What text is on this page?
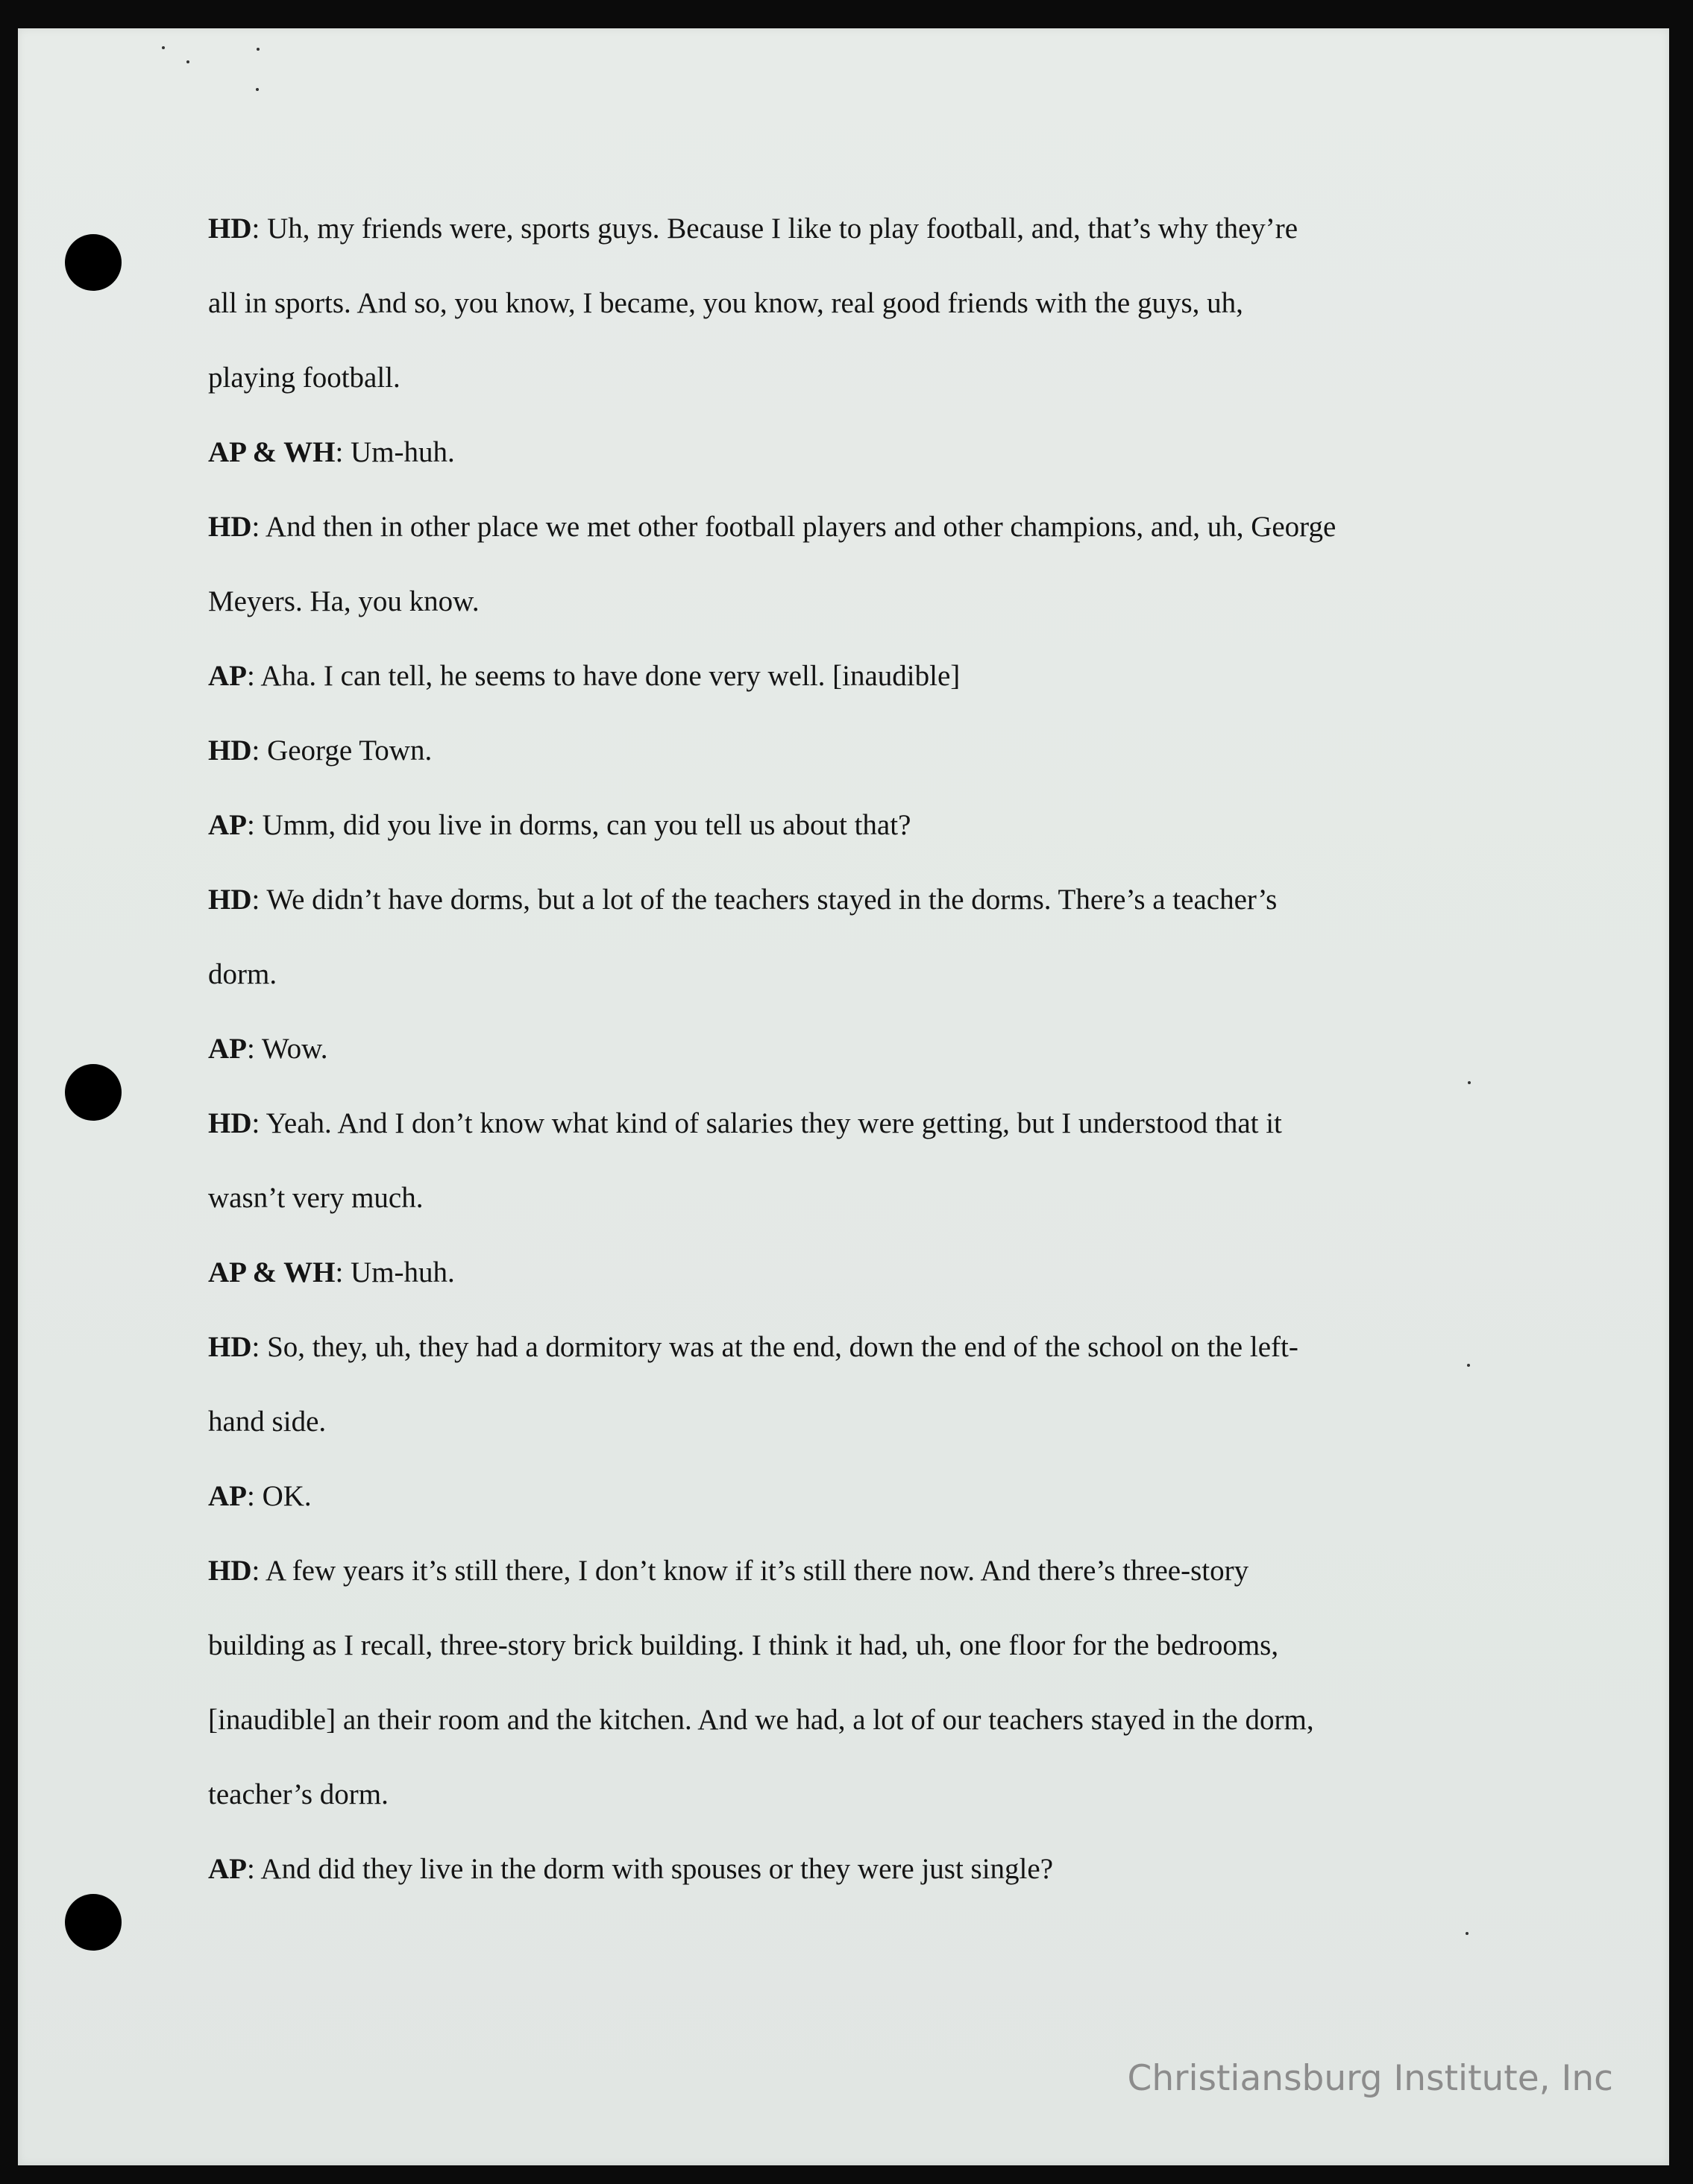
HD: Uh, my friends were, sports guys. Because I like to play football, and, that’s why they’re
all in sports. And so, you know, I became, you know, real good friends with the guys, uh,
playing football.
AP & WH: Um-huh.
HD: And then in other place we met other football players and other champions, and, uh, George
Meyers. Ha, you know.
AP: Aha. I can tell, he seems to have done very well. [inaudible]
HD: George Town.
AP: Umm, did you live in dorms, can you tell us about that?
HD: We didn’t have dorms, but a lot of the teachers stayed in the dorms. There’s a teacher’s
dorm.
AP: Wow.
HD: Yeah. And I don’t know what kind of salaries they were getting, but I understood that it
wasn’t very much.
AP & WH: Um-huh.
HD: So, they, uh, they had a dormitory was at the end, down the end of the school on the left-
hand side.
AP: OK.
HD: A few years it’s still there, I don’t know if it’s still there now. And there’s three-story
building as I recall, three-story brick building. I think it had, uh, one floor for the bedrooms,
[inaudible] an their room and the kitchen. And we had, a lot of our teachers stayed in the dorm,
teacher’s dorm.
AP: And did they live in the dorm with spouses or they were just single?
Christiansburg Institute, Inc
